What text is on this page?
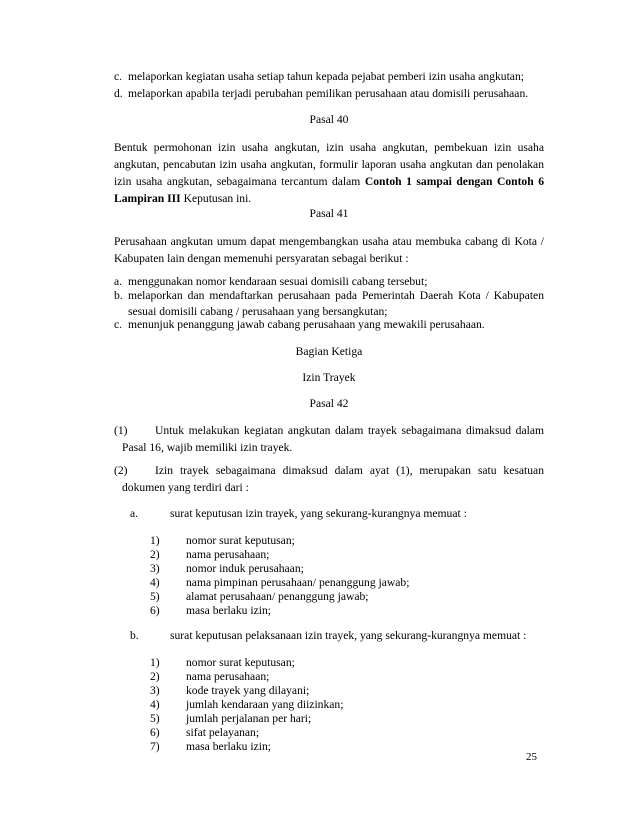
c. melaporkan kegiatan usaha setiap tahun kepada pejabat pemberi izin usaha angkutan;
d. melaporkan apabila terjadi perubahan pemilikan perusahaan atau domisili perusahaan.
Pasal 40
Bentuk permohonan izin usaha angkutan, izin usaha angkutan, pembekuan izin usaha angkutan, pencabutan izin usaha angkutan, formulir laporan usaha angkutan dan penolakan izin usaha angkutan, sebagaimana tercantum dalam Contoh 1 sampai dengan Contoh 6 Lampiran III Keputusan ini.
Pasal 41
Perusahaan angkutan umum dapat mengembangkan usaha atau membuka cabang di Kota / Kabupaten lain dengan memenuhi persyaratan sebagai berikut :
a. menggunakan nomor kendaraan sesuai domisili cabang tersebut;
b. melaporkan dan mendaftarkan perusahaan pada Pemerintah Daerah Kota / Kabupaten sesuai domisili cabang / perusahaan yang bersangkutan;
c. menunjuk penanggung jawab cabang perusahaan yang mewakili perusahaan.
Bagian Ketiga
Izin Trayek
Pasal 42
(1)	Untuk melakukan kegiatan angkutan dalam trayek sebagaimana dimaksud dalam Pasal 16, wajib memiliki izin trayek.
(2)	Izin trayek sebagaimana dimaksud dalam ayat (1), merupakan satu kesatuan dokumen yang terdiri dari :
a.	surat keputusan izin trayek, yang sekurang-kurangnya memuat :
1) nomor surat keputusan;
2) nama perusahaan;
3) nomor induk perusahaan;
4) nama pimpinan perusahaan/ penanggung jawab;
5) alamat perusahaan/ penanggung jawab;
6) masa berlaku izin;
b.	surat keputusan pelaksanaan izin trayek, yang sekurang-kurangnya memuat :
1) nomor surat keputusan;
2) nama perusahaan;
3) kode trayek yang dilayani;
4) jumlah kendaraan yang diizinkan;
5) jumlah perjalanan per hari;
6) sifat pelayanan;
7) masa berlaku izin;
25
